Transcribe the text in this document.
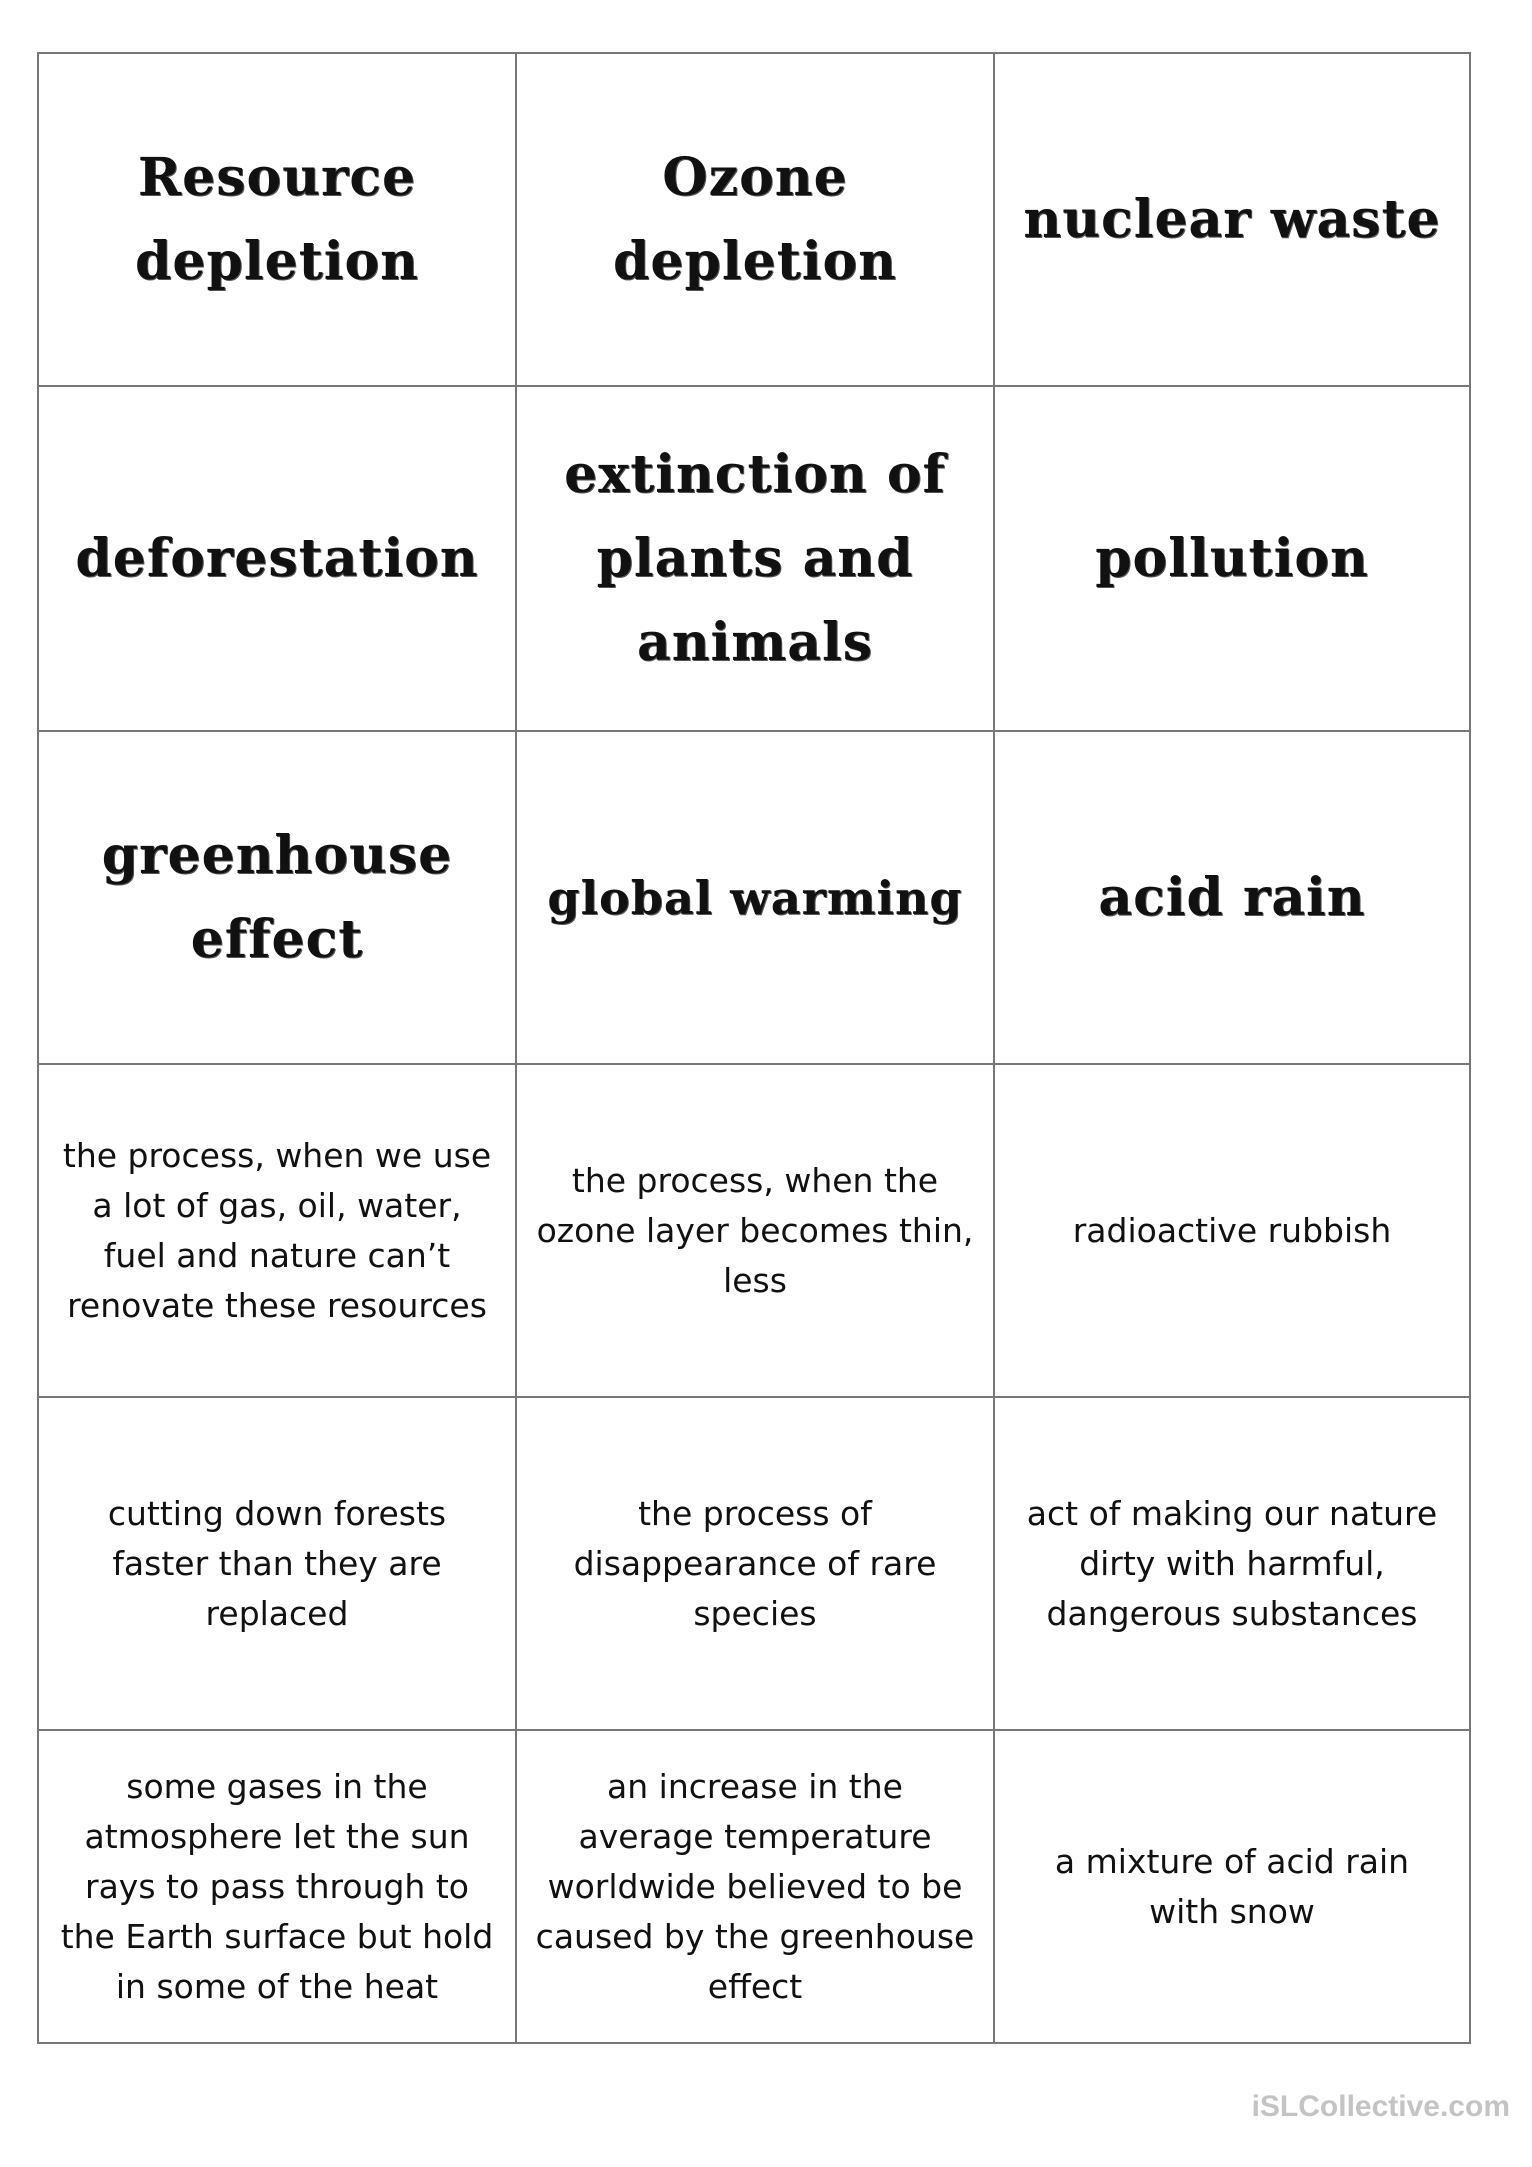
Resource depletion
Ozone depletion
nuclear waste
deforestation
extinction of plants and animals
pollution
greenhouse effect
global warming	acid rain
the process, when we use a lot of gas, oil, water, fuel and nature can’t renovate these resources
the process, when the ozone layer becomes thin, less
radioactive rubbish
cutting down forests faster than they are replaced
the process of disappearance of rare species
act of making our nature dirty with harmful, dangerous substances
some gases in the atmosphere let the sun rays to pass through to the Earth surface but hold in some of the heat
an increase in the average temperature worldwide believed to be caused by the greenhouse effect
a mixture of acid rain with snow
iSLCollective.com
